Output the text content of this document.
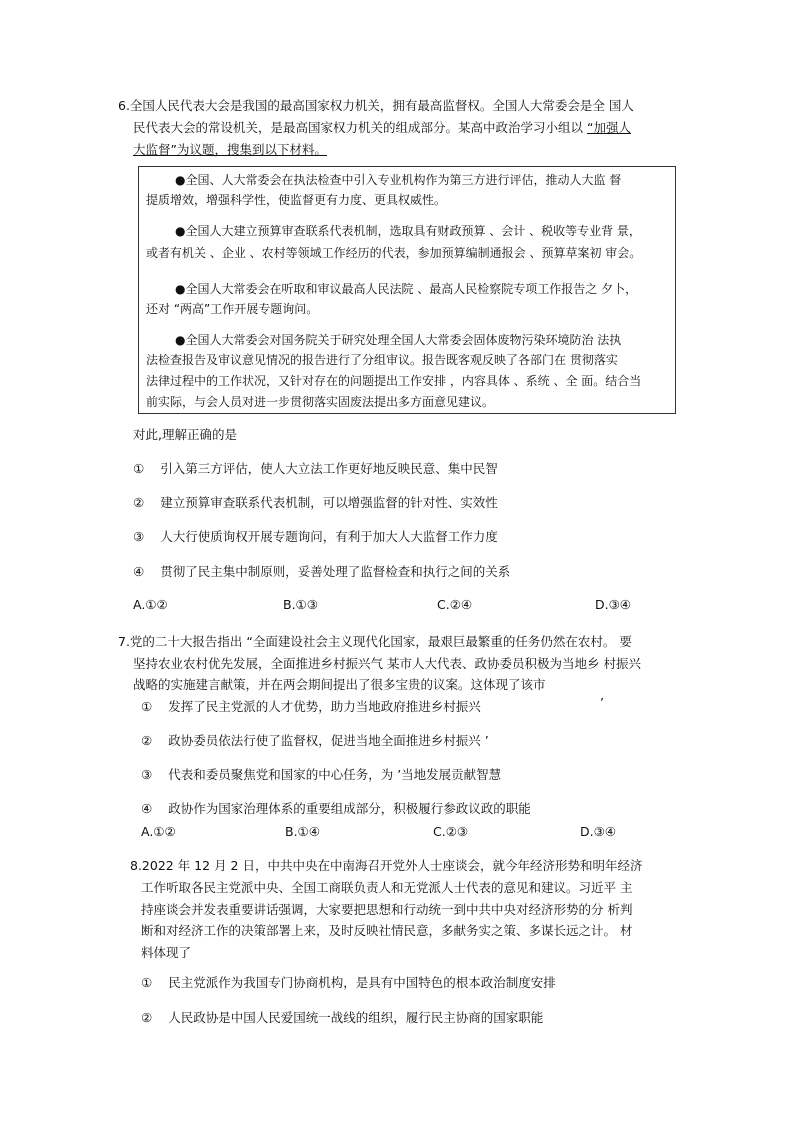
6.全国人民代表大会是我国的最高国家权力机关，拥有最高监督权。全国人大常委会是全 国人
民代表大会的常设机关，是最高国家权力机关的组成部分。某高中政治学习小组以 “加强人
大监督”为议题，搜集到以下材料。
●全国、人大常委会在执法检查中引入专业机构作为第三方进行评估，推动人大监 督
提质增效，增强科学性，使监督更有力度、更具权威性。
●全国人大建立预算审查联系代表机制，选取具有财政预算 、会计 、税收等专业背 景，
或者有机关 、企业 、农村等领域工作经历的代表，参加预算编制通报会 、预算草案初 审会。
●全国人大常委会在听取和审议最高人民法院 、最高人民检察院专项工作报告之 夕卜，
还对 “两高”工作开展专题询问。
●全国人大常委会对国务院关于研究处理全国人大常委会固体废物污染环境防治 法执
法检查报告及审议意见情况的报告进行了分组审议。报告既客观反映了各部门在 贯彻落实
法律过程中的工作状况，又针对存在的问题提出工作安排 ，内容具体 、系统 、全 面。结合当
前实际，与会人员对进一步贯彻落实固废法提出多方面意见建议。
对此,理解正确的是
① 引入第三方评估，使人大立法工作更好地反映民意、集中民智
② 建立预算审查联系代表机制，可以增强监督的针对性、实效性
③ 人大行使质询权开展专题询问，有利于加大人大监督工作力度
④ 贯彻了民主集中制原则，妥善处理了监督检查和执行之间的关系
A.①②	B.①③	C.②④	D.③④
7.党的二十大报告指出 “全面建设社会主义现代化国家，最艰巨最繁重的任务仍然在农村。 要
坚持农业农村优先发展，全面推进乡村振兴气 某市人大代表、政协委员积极为当地乡 村振兴
战略的实施建言献策，并在两会期间提出了很多宝贵的议案。这体现了该市
① 发挥了民主党派的人才优势，助力当地政府推进乡村振兴	’
② 政协委员依法行使了监督权，促进当地全面推进乡村振兴 ’
③ 代表和委员聚焦党和国家的中心任务，为 ’当地发展贡献智慧
④ 政协作为国家治理体系的重要组成部分，积极履行参政议政的职能
A.①②	B.①④	C.②③	D.③④
8.2022 年 12 月 2 日，中共中央在中南海召开党外人士座谈会，就今年经济形势和明年经济
工作听取各民主党派中央、全国工商联负责人和无党派人士代表的意见和建议。习近平 主
持座谈会并发表重要讲话强调，大家要把思想和行动统一到中共中央对经济形势的分 析判
断和对经济工作的决策部署上来，及时反映社情民意，多献务实之策、多谋长远之计。 材
料体现了
① 民主党派作为我国专门协商机构，是具有中国特色的根本政治制度安排
② 人民政协是中国人民爱国统一战线的组织，履行民主协商的国家职能
